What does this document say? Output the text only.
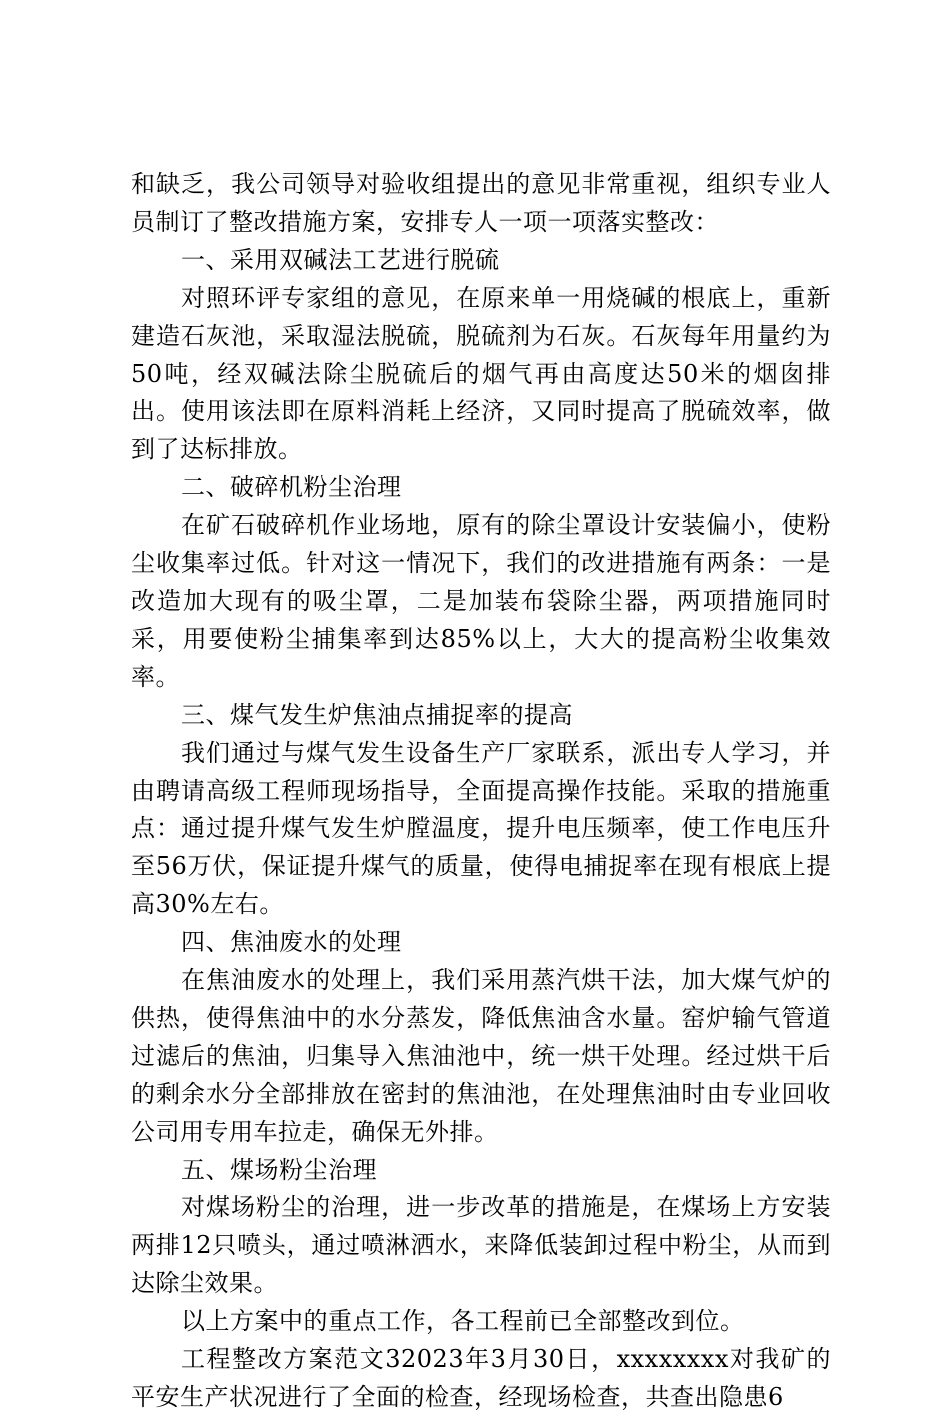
和缺乏，我公司领导对验收组提出的意见非常重视，组织专业人员制订了整改措施方案，安排专人一项一项落实整改：

一、采用双碱法工艺进行脱硫

对照环评专家组的意见，在原来单一用烧碱的根底上，重新建造石灰池，采取湿法脱硫，脱硫剂为石灰。石灰每年用量约为50吨，经双碱法除尘脱硫后的烟气再由高度达50米的烟囱排出。使用该法即在原料消耗上经济，又同时提高了脱硫效率，做到了达标排放。

二、破碎机粉尘治理

在矿石破碎机作业场地，原有的除尘罩设计安装偏小，使粉尘收集率过低。针对这一情况下，我们的改进措施有两条：一是改造加大现有的吸尘罩，二是加装布袋除尘器，两项措施同时采，用要使粉尘捕集率到达85%以上，大大的提高粉尘收集效率。

三、煤气发生炉焦油点捕捉率的提高

我们通过与煤气发生设备生产厂家联系，派出专人学习，并由聘请高级工程师现场指导，全面提高操作技能。采取的措施重点：通过提升煤气发生炉膛温度，提升电压频率，使工作电压升至56万伏，保证提升煤气的质量，使得电捕捉率在现有根底上提高30%左右。

四、焦油废水的处理

在焦油废水的处理上，我们采用蒸汽烘干法，加大煤气炉的供热，使得焦油中的水分蒸发，降低焦油含水量。窑炉输气管道过滤后的焦油，归集导入焦油池中，统一烘干处理。经过烘干后的剩余水分全部排放在密封的焦油池，在处理焦油时由专业回收公司用专用车拉走，确保无外排。

五、煤场粉尘治理

对煤场粉尘的治理，进一步改革的措施是，在煤场上方安装两排12只喷头，通过喷淋洒水，来降低装卸过程中粉尘，从而到达除尘效果。

以上方案中的重点工作，各工程前已全部整改到位。

工程整改方案范文32023年3月30日，xxxxxxxx对我矿的平安生产状况进行了全面的检查，经现场检查，共查出隐患6
